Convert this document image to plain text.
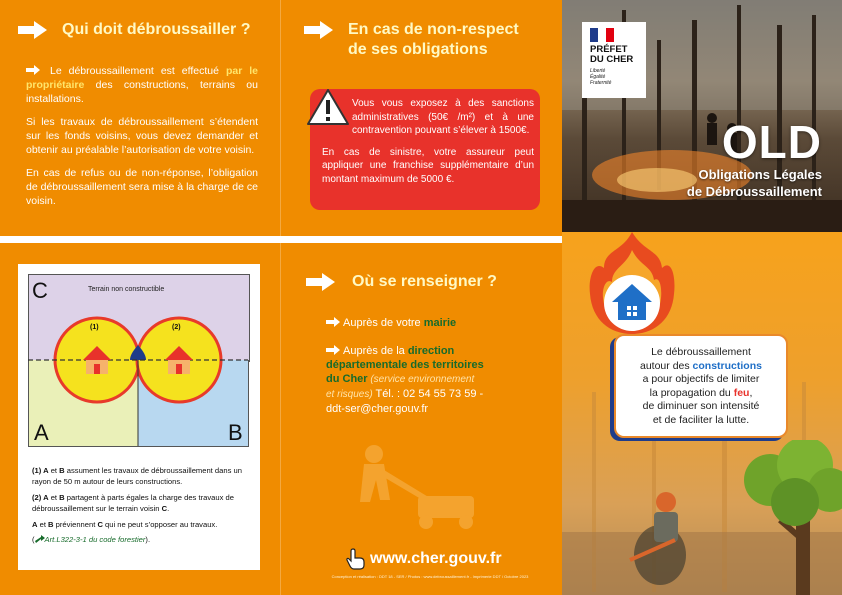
Qui doit débroussailler ?

Le débroussaillement est effectué par le propriétaire des constructions, terrains ou installations.

Si les travaux de débroussaillement s’étendent sur les fonds voisins, vous devez demander et obtenir au préalable l’autorisation de votre voisin.

En cas de refus ou de non-réponse, l’obligation de débroussaillement sera mise à la charge de ce voisin.

En cas de non-respect
de ses obligations

Vous vous exposez à des sanctions administratives (50€ /m²) et à une contravention pouvant s’élever à 1500€.

En cas de sinistre, votre assureur peut appliquer une franchise supplémentaire d’un montant maximum de 5000 €.

PRÉFET
DU CHER
Liberté
Égalité
Fraternité
OLD
Obligations Légales
de Débroussaillement
Le débroussaillement
autour des constructions
a pour objectifs de limiter
la propagation du feu,
de diminuer son intensité
et de faciliter la lutte.
C
A	B
Terrain non constructible
(1)	(2)

(1) A et B assument les travaux de débroussaillement dans un rayon de 50 m autour de leurs constructions.

(2) A et B partagent à parts égales la charge des travaux de débroussaillement sur le terrain voisin C.

A et B préviennent C qui ne peut s’opposer au travaux.

( Art.L322-3-1 du code forestier).

Où se renseigner ?
Auprès de votre mairie
Auprès de la direction
départementale des territoires
du Cher (service environnement
et risques) Tél. : 02 54 55 73 59 -
ddt-ser@cher.gouv.fr
www.cher.gouv.fr
Conception et réalisation : DDT 18 - SER / Photos : www.debroussaillement.fr - Imprimerie DDT / Octobre 2023
